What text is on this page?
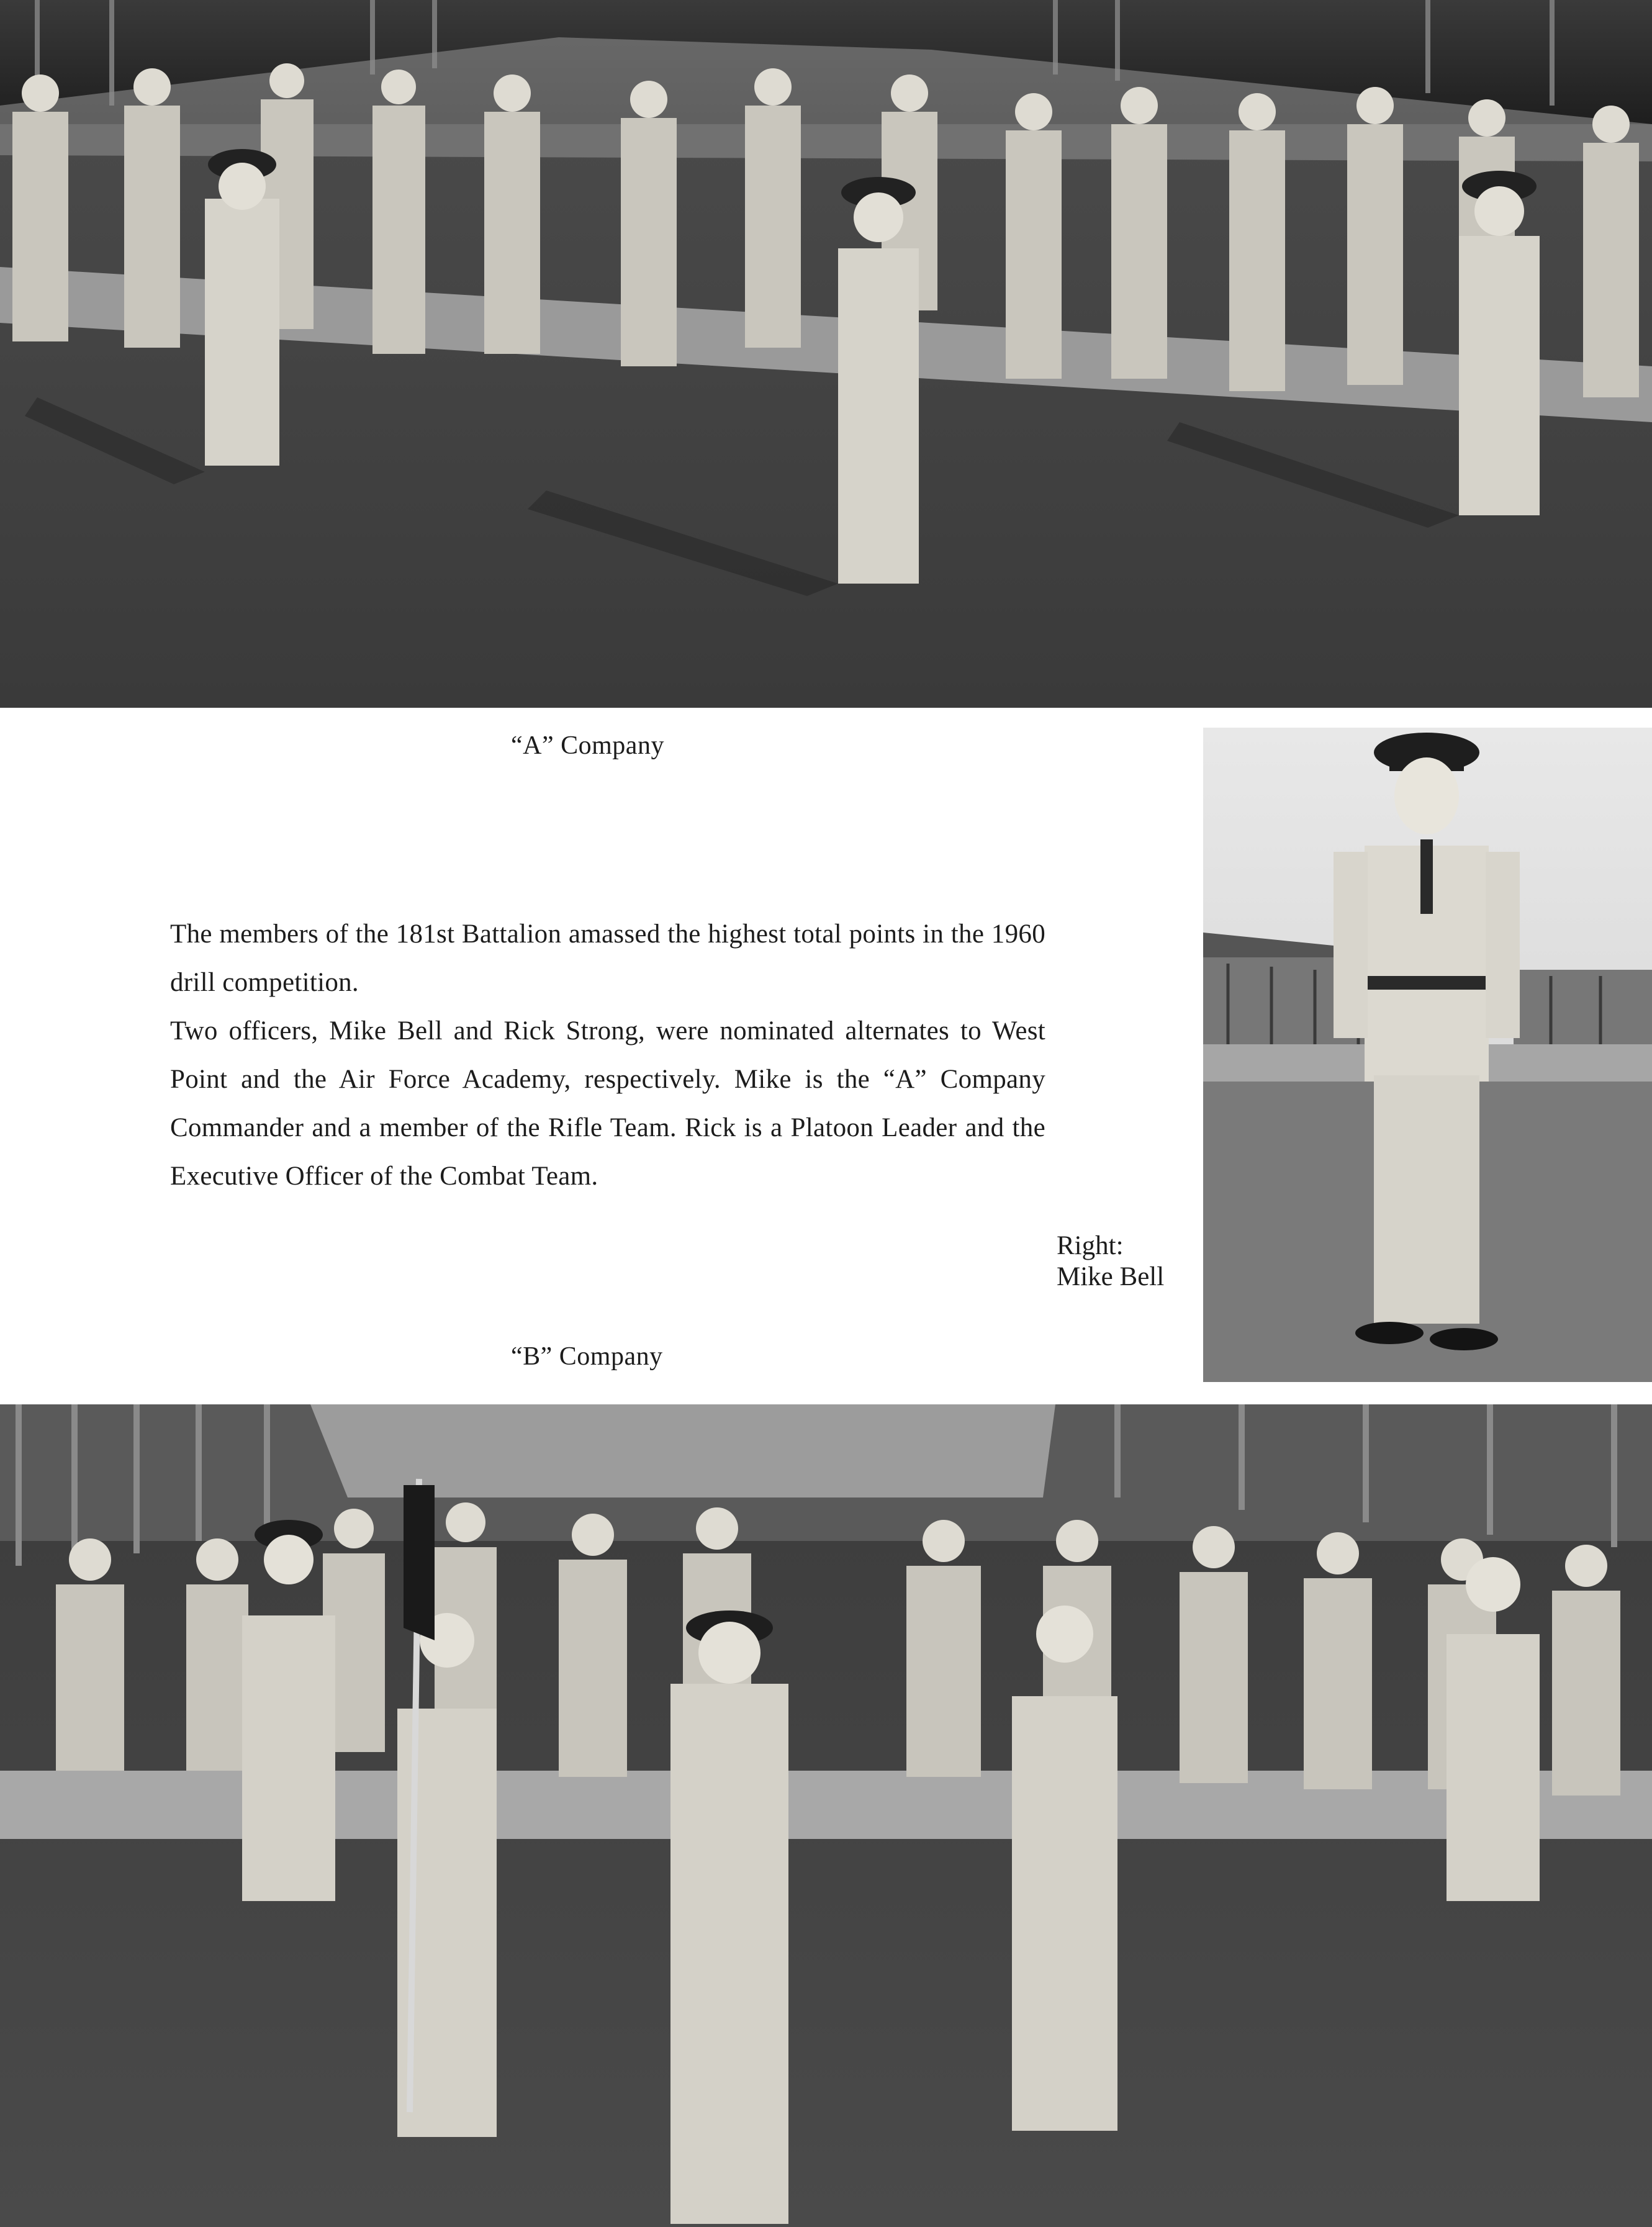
“A” Company

The members of the 181st Battalion amassed the highest total points in the 1960 drill competition.

Two officers, Mike Bell and Rick Strong, were nominated alternates to West Point and the Air Force Academy, respectively. Mike is the “A” Company Commander and a member of the Rifle Team. Rick is a Platoon Leader and the Executive Officer of the Combat Team.

Right:
Mike Bell
“B” Company
